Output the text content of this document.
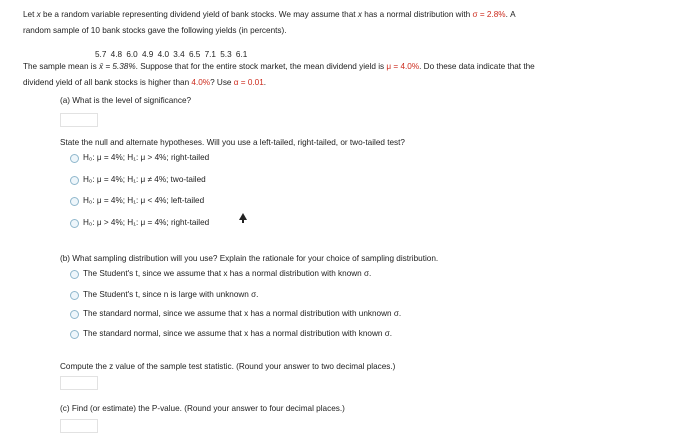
Let x be a random variable representing dividend yield of bank stocks. We may assume that x has a normal distribution with σ = 2.8%. A
random sample of 10 bank stocks gave the following yields (in percents).
5.7 4.8 6.0 4.9 4.0 3.4 6.5 7.1 5.3 6.1
The sample mean is x̄ = 5.38%. Suppose that for the entire stock market, the mean dividend yield is μ = 4.0%. Do these data indicate that the
dividend yield of all bank stocks is higher than 4.0%? Use α = 0.01.
(a) What is the level of significance?
State the null and alternate hypotheses. Will you use a left-tailed, right-tailed, or two-tailed test?
H₀: μ = 4%; H₁: μ > 4%; right-tailed
H₀: μ = 4%; H₁: μ ≠ 4%; two-tailed
H₀: μ = 4%; H₁: μ < 4%; left-tailed
H₀: μ > 4%; H₁: μ = 4%; right-tailed
(b) What sampling distribution will you use? Explain the rationale for your choice of sampling distribution.
The Student's t, since we assume that x has a normal distribution with known σ.
The Student's t, since n is large with unknown σ.
The standard normal, since we assume that x has a normal distribution with unknown σ.
The standard normal, since we assume that x has a normal distribution with known σ.
Compute the z value of the sample test statistic. (Round your answer to two decimal places.)
(c) Find (or estimate) the P-value. (Round your answer to four decimal places.)
